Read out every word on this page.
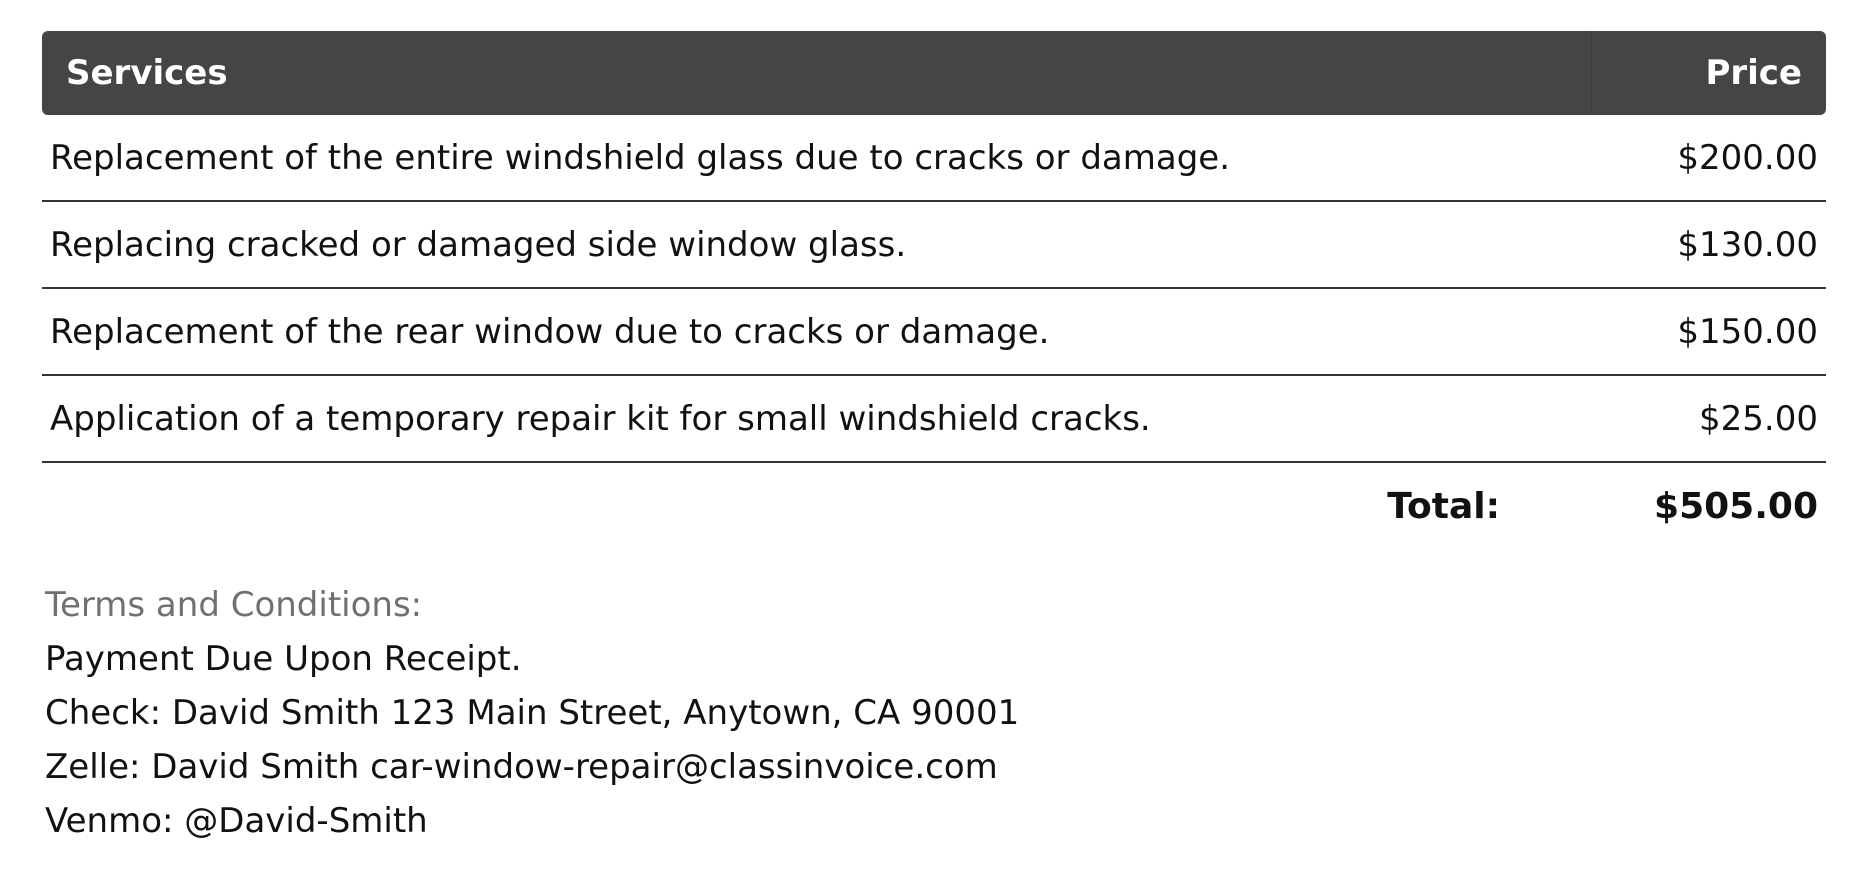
Services	Price
Replacement of the entire windshield glass due to cracks or damage.	$200.00
Replacing cracked or damaged side window glass.	$130.00
Replacement of the rear window due to cracks or damage.	$150.00
Application of a temporary repair kit for small windshield cracks.	$25.00
Total:	$505.00
Terms and Conditions:
Payment Due Upon Receipt.
Check: David Smith 123 Main Street, Anytown, CA 90001
Zelle: David Smith car-window-repair@classinvoice.com
Venmo: @David-Smith
